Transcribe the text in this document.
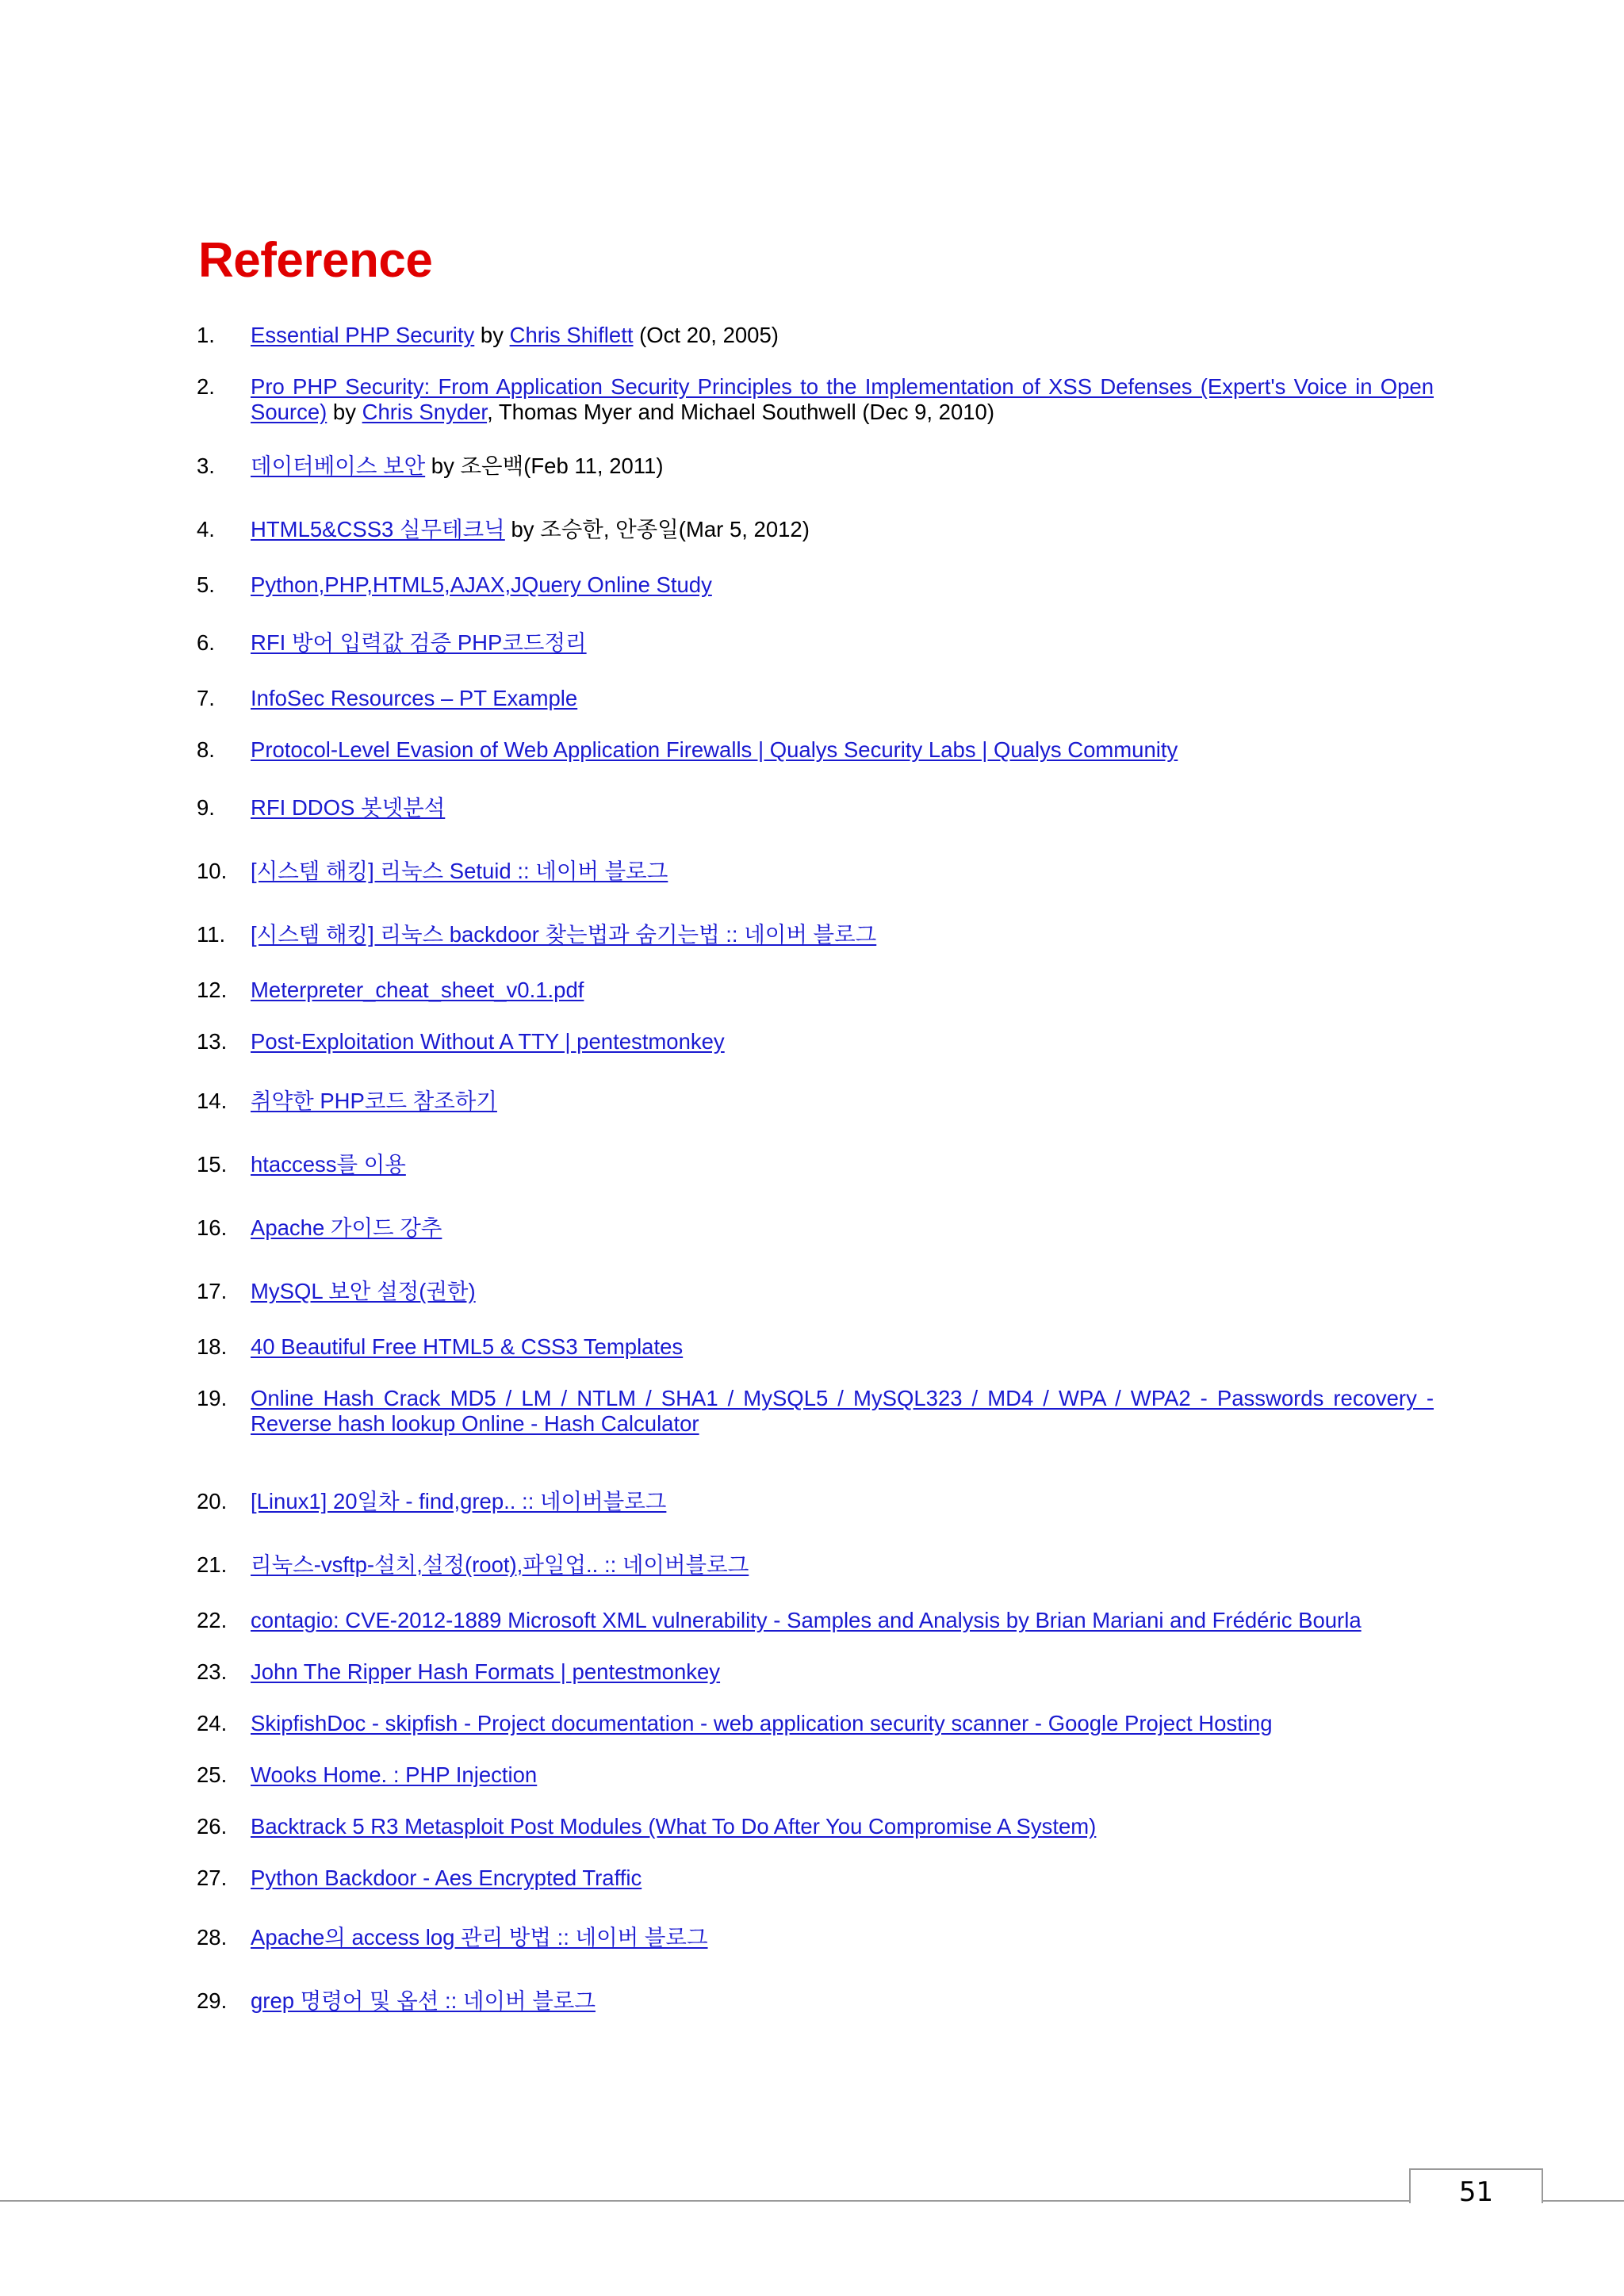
Reference
1.	Essential PHP Security by Chris Shiflett (Oct 20, 2005)
2.	Pro PHP Security: From Application Security Principles to the Implementation of XSS Defenses (Expert's Voice in Open Source) by Chris Snyder, Thomas Myer and Michael Southwell (Dec 9, 2010)
3.	데이터베이스 보안 by 조은백(Feb 11, 2011)
4.	HTML5&CSS3 실무테크닉 by 조승한, 안종일(Mar 5, 2012)
5.	Python,PHP,HTML5,AJAX,JQuery Online Study
6.	RFI 방어 입력값 검증 PHP코드정리
7.	InfoSec Resources – PT Example
8.	Protocol-Level Evasion of Web Application Firewalls | Qualys Security Labs | Qualys Community
9.	RFI DDOS 봇넷분석
10.	[시스템 해킹] 리눅스 Setuid :: 네이버 블로그
11.	[시스템 해킹] 리눅스 backdoor 찾는법과 숨기는법 :: 네이버 블로그
12.	Meterpreter_cheat_sheet_v0.1.pdf
13.	Post-Exploitation Without A TTY | pentestmonkey
14.	취약한 PHP코드 참조하기
15.	htaccess를 이용
16.	Apache 가이드 강추
17.	MySQL 보안 설정(권한)
18.	40 Beautiful Free HTML5 & CSS3 Templates
19.	Online Hash Crack MD5 / LM / NTLM / SHA1 / MySQL5 / MySQL323 / MD4 / WPA / WPA2 - Passwords recovery - Reverse hash lookup Online - Hash Calculator
20.	[Linux1] 20일차 - find,grep.. :: 네이버블로그
21.	리눅스-vsftp-설치,설정(root),파일업.. :: 네이버블로그
22.	contagio: CVE-2012-1889 Microsoft XML vulnerability - Samples and Analysis by Brian Mariani and Frédéric Bourla
23.	John The Ripper Hash Formats | pentestmonkey
24.	SkipfishDoc - skipfish - Project documentation - web application security scanner - Google Project Hosting
25.	Wooks Home. : PHP Injection
26.	Backtrack 5 R3 Metasploit Post Modules (What To Do After You Compromise A System)
27.	Python Backdoor - Aes Encrypted Traffic
28.	Apache의 access log 관리 방법 :: 네이버 블로그
29.	grep 명령어 및 옵션 :: 네이버 블로그
51
